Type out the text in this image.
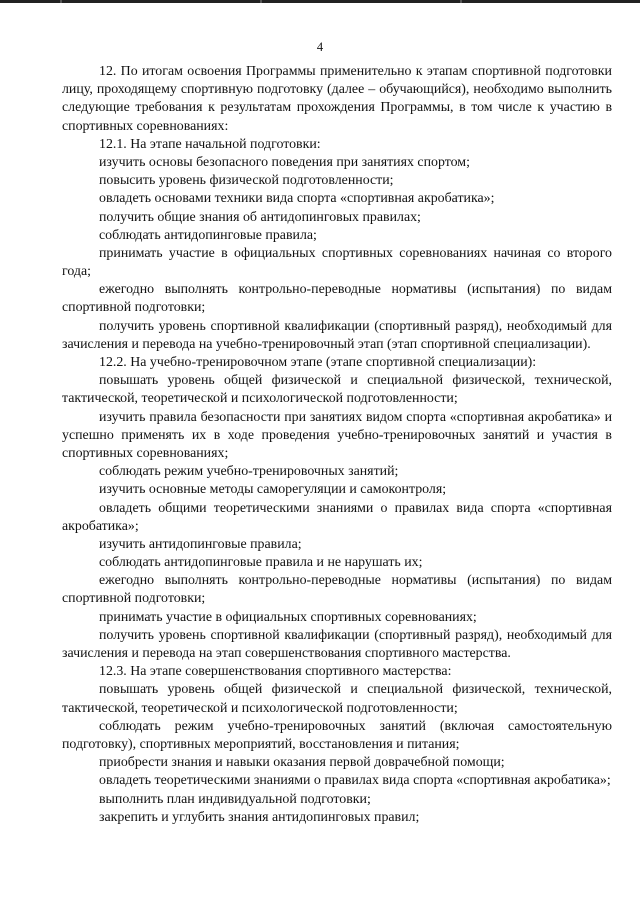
4

12. По итогам освоения Программы применительно к этапам спортивной подготовки лицу, проходящему спортивную подготовку (далее – обучающийся), необходимо выполнить следующие требования к результатам прохождения Программы, в том числе к участию в спортивных соревнованиях:

12.1. На этапе начальной подготовки:

изучить основы безопасного поведения при занятиях спортом;

повысить уровень физической подготовленности;

овладеть основами техники вида спорта «спортивная акробатика»;

получить общие знания об антидопинговых правилах;

соблюдать антидопинговые правила;

принимать участие в официальных спортивных соревнованиях начиная со второго года;

ежегодно выполнять контрольно-переводные нормативы (испытания) по видам спортивной подготовки;

получить уровень спортивной квалификации (спортивный разряд), необходимый для зачисления и перевода на учебно-тренировочный этап (этап спортивной специализации).

12.2. На учебно-тренировочном этапе (этапе спортивной специализации):

повышать уровень общей физической и специальной физической, технической, тактической, теоретической и психологической подготовленности;

изучить правила безопасности при занятиях видом спорта «спортивная акробатика» и успешно применять их в ходе проведения учебно-тренировочных занятий и участия в спортивных соревнованиях;

соблюдать режим учебно-тренировочных занятий;

изучить основные методы саморегуляции и самоконтроля;

овладеть общими теоретическими знаниями о правилах вида спорта «спортивная акробатика»;

изучить антидопинговые правила;

соблюдать антидопинговые правила и не нарушать их;

ежегодно выполнять контрольно-переводные нормативы (испытания) по видам спортивной подготовки;

принимать участие в официальных спортивных соревнованиях;

получить уровень спортивной квалификации (спортивный разряд), необходимый для зачисления и перевода на этап совершенствования спортивного мастерства.

12.3. На этапе совершенствования спортивного мастерства:

повышать уровень общей физической и специальной физической, технической, тактической, теоретической и психологической подготовленности;

соблюдать режим учебно-тренировочных занятий (включая самостоятельную подготовку), спортивных мероприятий, восстановления и питания;

приобрести знания и навыки оказания первой доврачебной помощи;

овладеть теоретическими знаниями о правилах вида спорта «спортивная акробатика»;

выполнить план индивидуальной подготовки;

закрепить и углубить знания антидопинговых правил;
